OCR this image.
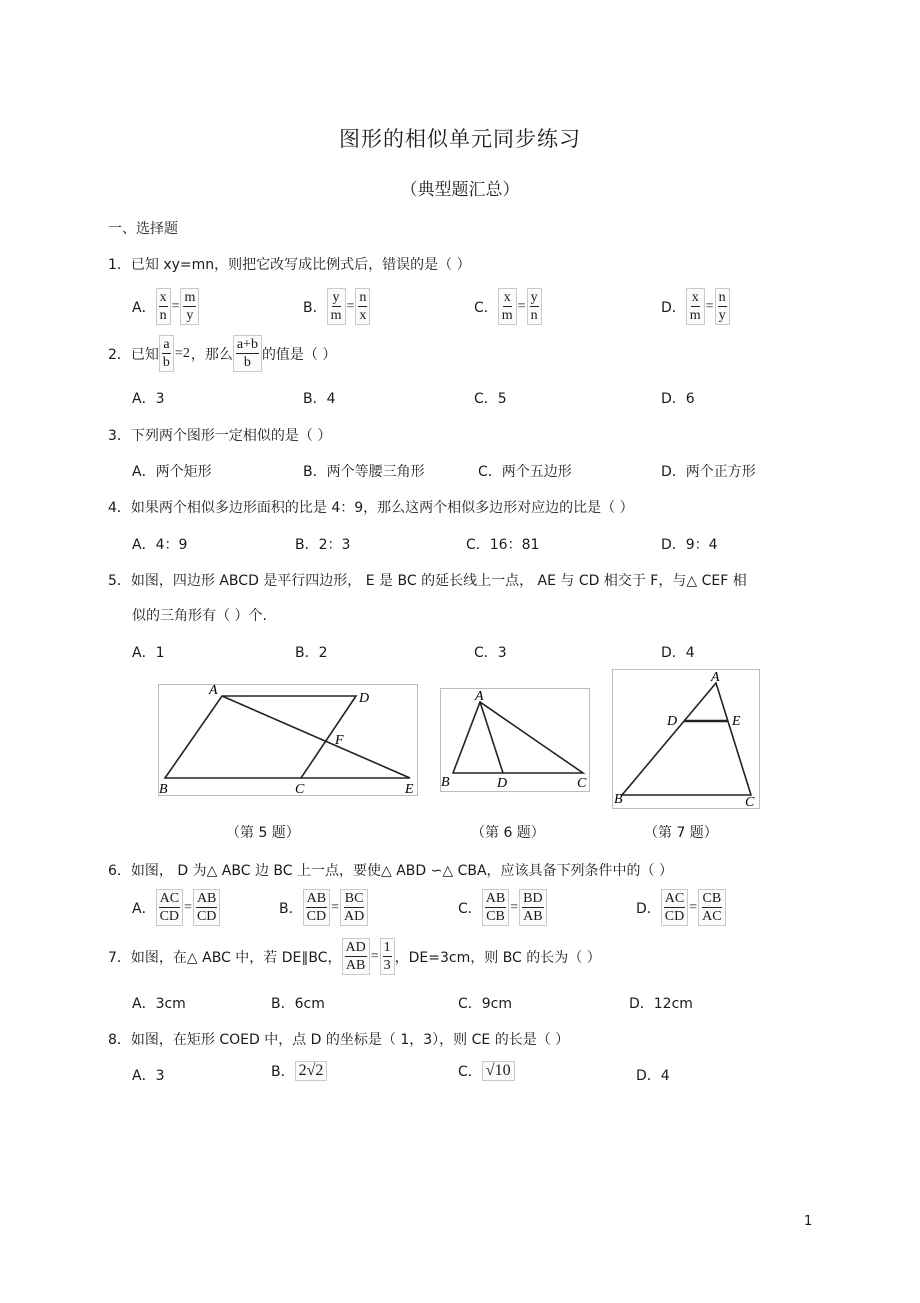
图形的相似单元同步练习
（典型题汇总）
一、选择题
1．已知 xy=mn，则把它改写成比例式后，错误的是（ ）
A． $\frac{x}{n} = \frac{m}{y}$	B． $\frac{y}{m} = \frac{n}{x}$	C． $\frac{x}{m} = \frac{y}{n}$	D． $\frac{x}{m} = \frac{n}{y}$
2．已知 $\frac{a}{b} =2$ ，那么 $\frac{a+b}{b}$ 的值是（ ）
A．3	B．4	C．5	D．6
3．下列两个图形一定相似的是（ ）
A．两个矩形	B．两个等腰三角形	C．两个五边形	D．两个正方形
4．如果两个相似多边形面积的比是 4：9，那么这两个相似多边形对应边的比是（ ）
A．4：9	B．2：3	C．16：81	D．9：4
5．如图，四边形 ABCD 是平行四边形， E 是 BC 的延长线上一点， AE 与 CD 相交于 F，与△ CEF 相
似的三角形有（ ）个.
A．1	B．2	C．3	D．4
A
D
F
B	C	E
（第 5 题）
A
B	D	C
（第 6 题）
A
D	E
B	C
（第 7 题）
6．如图， D 为△ ABC 边 BC 上一点，要使△ ABD ∽△ CBA，应该具备下列条件中的（ ）
A． $\frac{AC}{CD} = \frac{AB}{CD}$	B． $\frac{AB}{CD} = \frac{BC}{AD}$	C． $\frac{AB}{CB} = \frac{BD}{AB}$	D． $\frac{AC}{CD} = \frac{CB}{AC}$
7．如图，在△ ABC 中，若 DE∥BC， $\frac{AD}{AB} = \frac{1}{3}$ ，DE=3cm，则 BC 的长为（ ）
A．3cm	B．6cm	C．9cm	D．12cm
8．如图，在矩形 COED 中，点 D 的坐标是（ 1，3），则 CE 的长是（ ）
A．3	B． 2√2	C． √10	D．4
1
